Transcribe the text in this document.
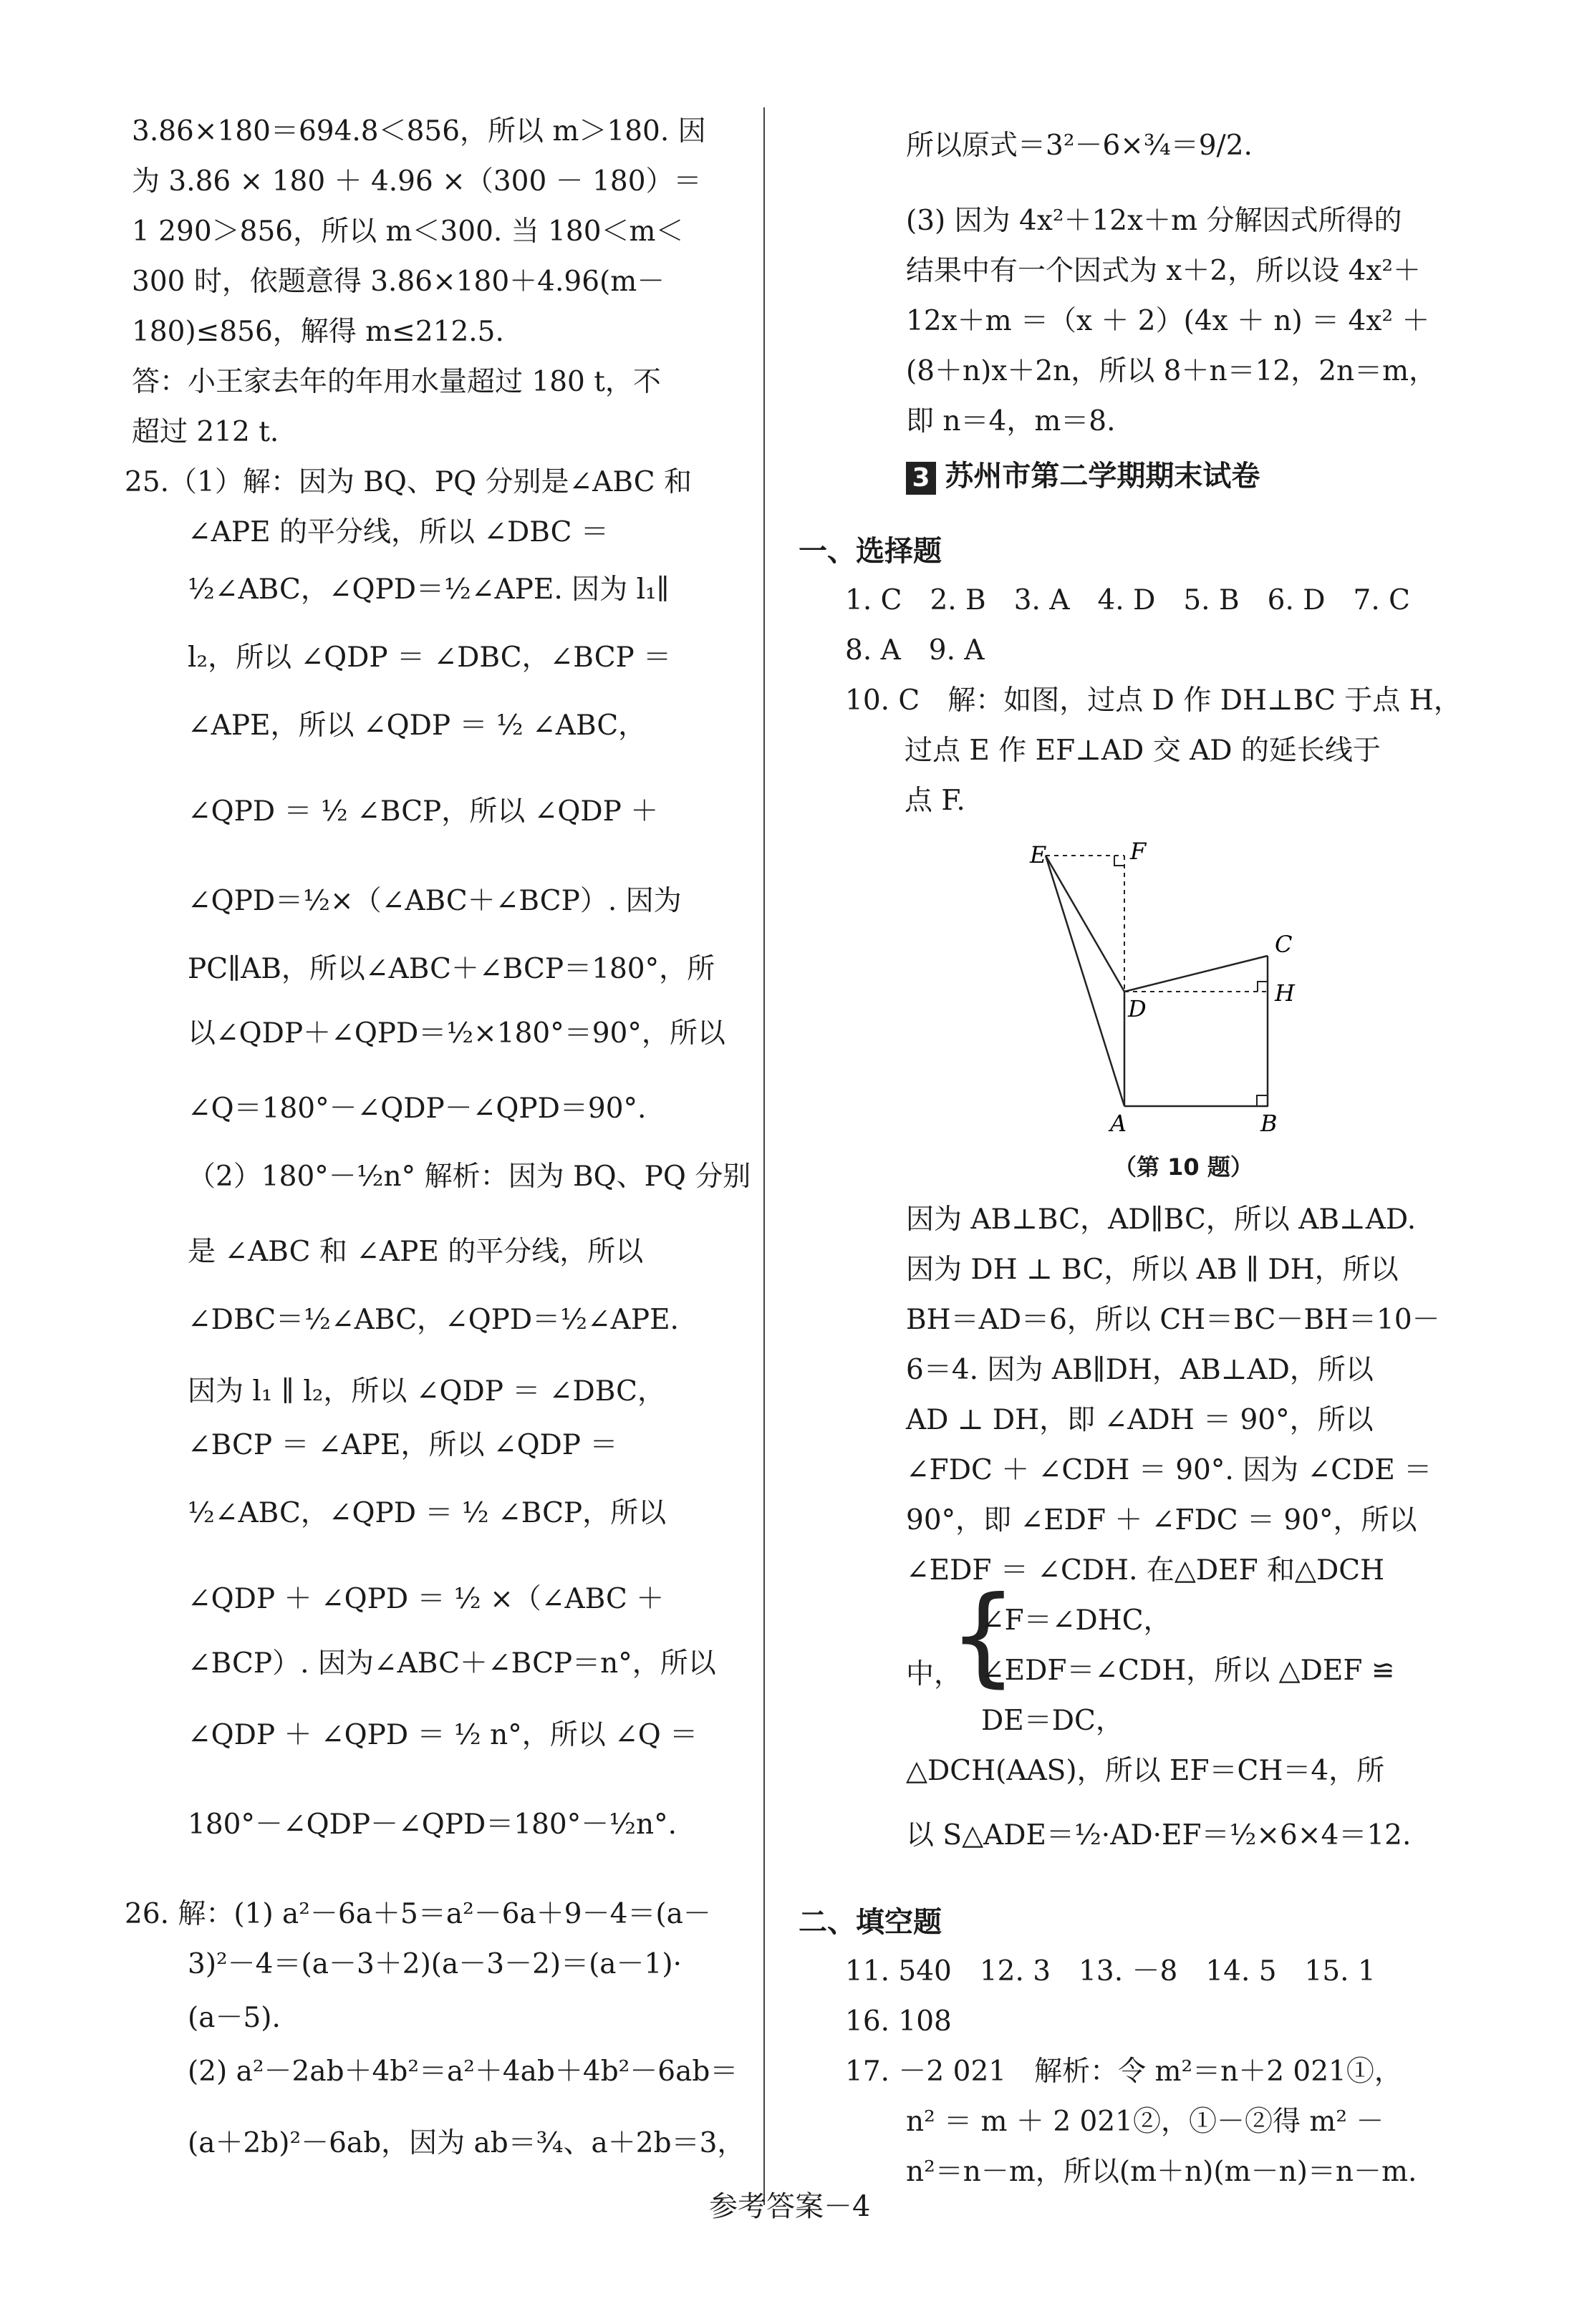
3.86×180＝694.8＜856，所以 m＞180. 因
为 3.86 × 180 ＋ 4.96 ×（300 － 180）＝
1 290＞856，所以 m＜300. 当 180＜m＜
300 时，依题意得 3.86×180＋4.96(m－
180)≤856，解得 m≤212.5.
答：小王家去年的年用水量超过 180 t，不
超过 212 t.
25.（1）解：因为 BQ、PQ 分别是∠ABC 和
∠APE 的平分线，所以 ∠DBC ＝
½∠ABC，∠QPD＝½∠APE. 因为 l₁∥
l₂，所以 ∠QDP ＝ ∠DBC，∠BCP ＝
∠APE，所以 ∠QDP ＝ ½ ∠ABC，
∠QPD ＝ ½ ∠BCP，所以 ∠QDP ＋
∠QPD＝½×（∠ABC＋∠BCP）. 因为
PC∥AB，所以∠ABC＋∠BCP＝180°，所
以∠QDP＋∠QPD＝½×180°＝90°，所以
∠Q＝180°－∠QDP－∠QPD＝90°.
（2）180°－½n° 解析：因为 BQ、PQ 分别
是 ∠ABC 和 ∠APE 的平分线，所以
∠DBC＝½∠ABC，∠QPD＝½∠APE.
因为 l₁ ∥ l₂，所以 ∠QDP ＝ ∠DBC，
∠BCP ＝ ∠APE，所以 ∠QDP ＝
½∠ABC，∠QPD ＝ ½ ∠BCP，所以
∠QDP ＋ ∠QPD ＝ ½ ×（∠ABC ＋
∠BCP）. 因为∠ABC＋∠BCP＝n°，所以
∠QDP ＋ ∠QPD ＝ ½ n°，所以 ∠Q ＝
180°－∠QDP－∠QPD＝180°－½n°.
26. 解：(1) a²－6a＋5＝a²－6a＋9－4＝(a－
3)²－4＝(a－3＋2)(a－3－2)＝(a－1)·
(a－5).
(2) a²－2ab＋4b²＝a²＋4ab＋4b²－6ab＝
(a＋2b)²－6ab，因为 ab＝¾、a＋2b＝3，
所以原式＝3²－6×¾＝9/2.
(3) 因为 4x²＋12x＋m 分解因式所得的
结果中有一个因式为 x＋2，所以设 4x²＋
12x＋m ＝（x ＋ 2）(4x ＋ n) ＝ 4x² ＋
(8＋n)x＋2n，所以 8＋n＝12，2n＝m，
即 n＝4，m＝8.
3 苏州市第二学期期末试卷
一、选择题
1. C　2. B　3. A　4. D　5. B　6. D　7. C
8. A　9. A
10. C　解：如图，过点 D 作 DH⊥BC 于点 H，
过点 E 作 EF⊥AD 交 AD 的延长线于
点 F.
E	F
C
D
H
A	B
（第 10 题）
因为 AB⊥BC，AD∥BC，所以 AB⊥AD.
因为 DH ⊥ BC，所以 AB ∥ DH，所以
BH＝AD＝6，所以 CH＝BC－BH＝10－
6＝4. 因为 AB∥DH，AB⊥AD，所以
AD ⊥ DH，即 ∠ADH ＝ 90°，所以
∠FDC ＋ ∠CDH ＝ 90°. 因为 ∠CDE ＝
90°，即 ∠EDF ＋ ∠FDC ＝ 90°，所以
∠EDF ＝ ∠CDH. 在△DEF 和△DCH
中，
{
∠F＝∠DHC，
∠EDF＝∠CDH，所以 △DEF ≌
DE＝DC，
△DCH(AAS)，所以 EF＝CH＝4，所
以 S△ADE＝½·AD·EF＝½×6×4＝12.
二、填空题
11. 540　12. 3　13. －8　14. 5　15. 1
16. 108
17. －2 021　解析：令 m²＝n＋2 021①，
n² ＝ m ＋ 2 021②，①－②得 m² －
n²＝n－m，所以(m＋n)(m－n)＝n－m.
参考答案－4
